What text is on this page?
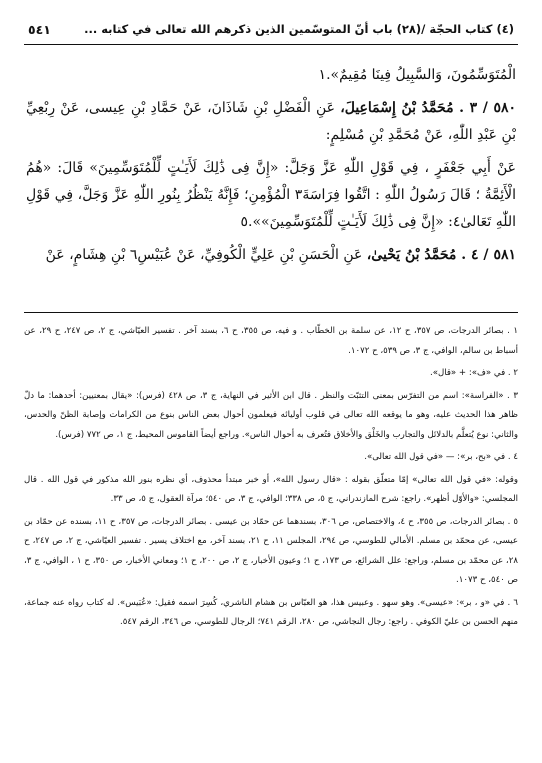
(٤) كتاب الحجّة /(٢٨) باب أنّ المتوسّمين الذين ذكرهم الله تعالى في كتابه ...
٥٤١

الْمُتَوَسِّمُونَ، وَالسَّبِيلُ فِينَا مُقِيمٌ».١

٥٨٠ / ٣ . مُحَمَّدُ بْنُ إِسْمَاعِيلَ، عَنِ الْفَضْلِ بْنِ شَاذَانَ، عَنْ حَمَّادِ بْنِ عِيسى، عَنْ رِبْعِيِّ بْنِ عَبْدِ اللّٰهِ، عَنْ مُحَمَّدِ بْنِ مُسْلِمٍ:

عَنْ أَبِي جَعْفَرٍ ، فِي قَوْلِ اللّٰهِ عَزَّ وَجَلَّ: «إِنَّ فِى ذَٰلِكَ لَأَيَـٰتٍ لِّلْمُتَوَسِّمِينَ» قَالَ: «هُمُ الْأَئِمَّةُ ؛ قَالَ رَسُولُ اللّٰهِ : اتَّقُوا فِرَاسَةَ٣ الْمُؤْمِنِ؛ فَإِنَّهُ يَنْظُرُ بِنُورِ اللّٰهِ عَزَّ وَجَلَّ، فِي قَوْلِ اللّٰهِ تَعَالىٰ٤: «إِنَّ فِى ذَٰلِكَ لَأَيَـٰتٍ لِّلْمُتَوَسِّمِينَ»».٥

٥٨١ / ٤ . مُحَمَّدُ بْنُ يَحْيىٰ، عَنِ الْحَسَنِ بْنِ عَلِيٍّ الْكُوفِيِّ، عَنْ عُبَيْسِ٦ بْنِ هِشَامٍ، عَنْ

١ . بصائر الدرجات، ص ٣٥٧، ح ١٢، عن سلمة بن الخطّاب . و فيه، ص ٣٥٥، ح ٦، بسند آخر . تفسير العيّاشي، ج ٢، ص ٢٤٧، ح ٢٩، عن أسباط بن سالم، الوافي، ج ٣، ص ٥٣٩، ح ١٠٧٢.

٢ . في «ف»: + «قال».

٣ . «الفراسة»: اسم من التفرّس بمعنى التثبّت والنظر . قال ابن الأثير في النهاية، ج ٣، ص ٤٢٨ (فرس): «يقال بمعنيين: أحدهما: ما دلّ ظاهر هذا الحديث عليه، وهو ما يوقعه الله تعالى في قلوب أوليائه فيعلمون أحوال بعض الناس بنوع من الكرامات وإصابة الظنّ والحدس، والثاني: نوع يُتعلَّم بالدلائل والتجارب والخَلْق والأخلاق فتُعرف به أحوال الناس». وراجع أيضاً القاموس المحيط، ج ١، ص ٧٧٢ (فرس).

٤ . في «بح، بر»: — «في قول الله تعالى».

وقوله: «في قول الله تعالى» إمّا متعلّق بقوله : «قال رسول الله»، أو خبر مبتدأ محذوف، أي نظره بنور الله مذكور في قول الله . قال المجلسي: «والأوّل أظهر». راجع: شرح المازندراني، ج ٥، ص ٣٣٨؛ الوافي، ج ٣، ص ٥٤٠؛ مرآة العقول، ج ٥، ص ٣٣.

٥ . بصائر الدرجات، ص ٣٥٥، ح ٤، والاختصاص، ص ٣٠٦، بسندهما عن حمّاد بن عيسى . بصائر الدرجات، ص ٣٥٧، ح ١١، بسنده عن حمّاد بن عيسى، عن محمّد بن مسلم. الأمالي للطوسي، ص ٢٩٤، المجلس ١١، ح ٢١، بسند آخر، مع اختلاف يسير . تفسير العيّاشي، ج ٢، ص ٢٤٧، ح ٢٨، عن محمّد بن مسلم، وراجع: علل الشرائع، ص ١٧٣، ح ١؛ وعيون الأخبار، ج ٢، ص ٢٠٠، ح ١؛ ومعاني الأخبار، ص ٣٥٠، ح ١ ، الوافي، ج ٣، ص ٥٤٠، ح ١٠٧٣.

٦ . في «و ، بر»: «عيسى». وهو سهو . وعبيس هذا، هو العبّاس بن هشام الناشري، كُسِرَ اسمه فقيل: «عُبَيس». له كتاب رواه عنه جماعة، منهم الحسن بن عليّ الكوفي . راجع: رجال النجاشي، ص ٢٨٠، الرقم ٧٤١؛ الرجال للطوسي، ص ٣٤٦، الرقم ٥٤٧.
